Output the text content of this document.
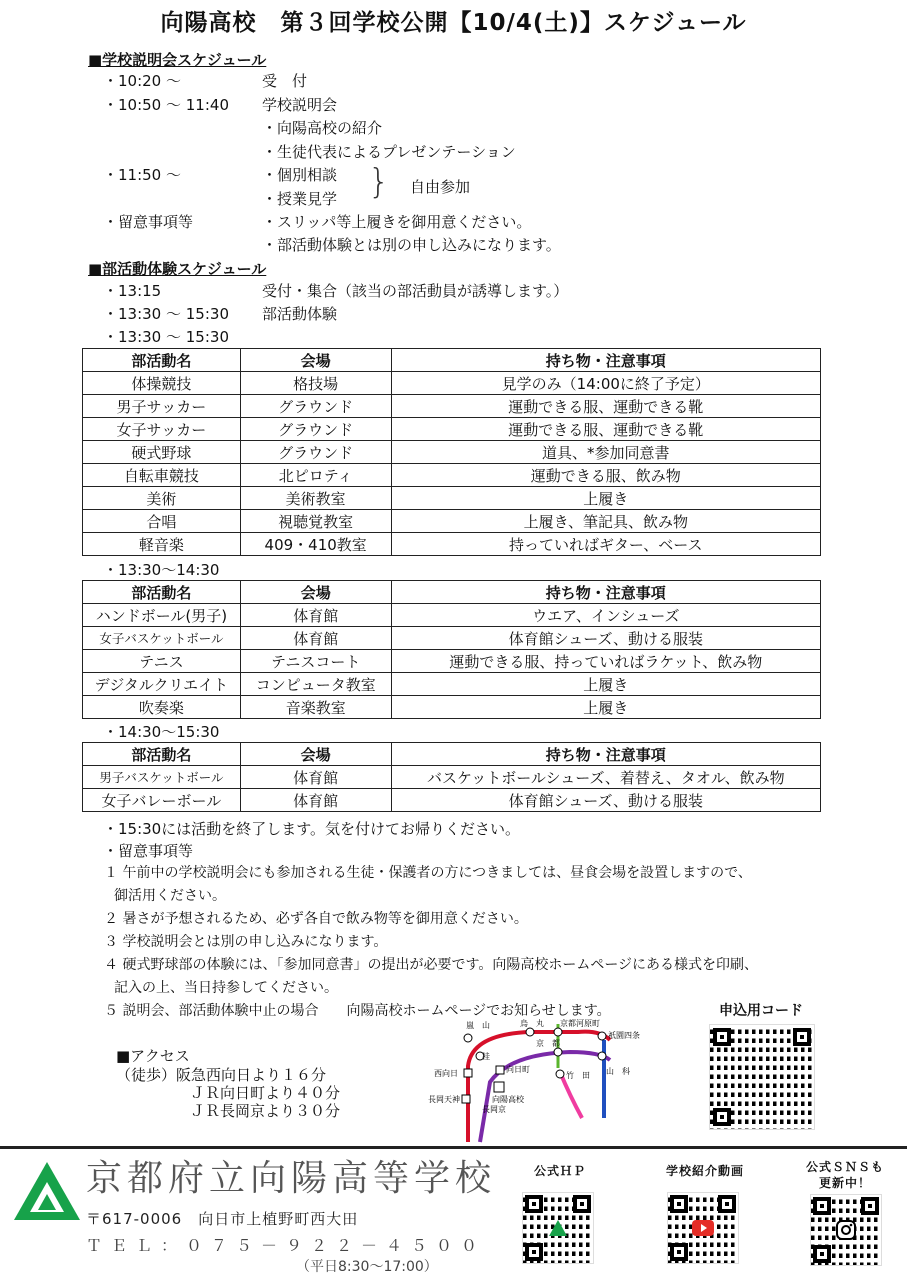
向陽高校　第３回学校公開【10/4(土)】スケジュール
■学校説明会スケジュール
・10:20 ～	受　付
・10:50 ～ 11:40 学校説明会
・向陽高校の紹介
・生徒代表によるプレゼンテーション
・11:50 ～	・個別相談
・授業見学 } 自由参加
・留意事項等	・スリッパ等上履きを御用意ください。
・部活動体験とは別の申し込みになります。
■部活動体験スケジュール
・13:15	受付・集合（該当の部活動員が誘導します。）
・13:30 ～ 15:30 部活動体験
・13:30 ～ 15:30
部活動名	会場	持ち物・注意事項
体操競技	格技場	見学のみ（14:00に終了予定）
男子サッカー	グラウンド	運動できる服、運動できる靴
女子サッカー	グラウンド	運動できる服、運動できる靴
硬式野球	グラウンド	道具、*参加同意書
自転車競技	北ピロティ	運動できる服、飲み物
美術	美術教室	上履き
合唱	視聴覚教室	上履き、筆記具、飲み物
軽音楽	409・410教室	持っていればギター、ベース
・13:30～14:30
部活動名	会場	持ち物・注意事項
ハンドボール(男子)	体育館	ウエア、インシューズ
女子バスケットボール	体育館	体育館シューズ、動ける服装
テニス	テニスコート	運動できる服、持っていればラケット、飲み物
デジタルクリエイト	コンピュータ教室	上履き
吹奏楽	音楽教室	上履き
・14:30～15:30
部活動名	会場	持ち物・注意事項
男子バスケットボール	体育館	バスケットボールシューズ、着替え、タオル、飲み物
女子バレーボール	体育館	体育館シューズ、動ける服装
・15:30には活動を終了します。気を付けてお帰りください。
・留意事項等
１ 午前中の学校説明会にも参加される生徒・保護者の方につきましては、昼食会場を設置しますので、
御活用ください。
２ 暑さが予想されるため、必ず各自で飲み物等を御用意ください。
３ 学校説明会とは別の申し込みになります。
４ 硬式野球部の体験には、「参加同意書」の提出が必要です。向陽高校ホームページにある様式を印刷、
記入の上、当日持参してください。
５ 説明会、部活動体験中止の場合　　向陽高校ホームページでお知らせします。
■アクセス
（徒歩）阪急西向日より１６分
ＪＲ向日町より４０分
ＪＲ長岡京より３０分
嵐　山
桂
西向日
長岡天神
烏　丸 京都河原町
京　都
祇園四条
山　科
向日町
向陽高校
長岡京
竹　田
申込用コード
京都府立向陽高等学校
〒617-0006　向日市上植野町西大田
ＴＥＬ：０７５－９２２－４５００
（平日8:30～17:00）
公式ＨＰ	学校紹介動画	公式ＳＮＳも
更新中！
